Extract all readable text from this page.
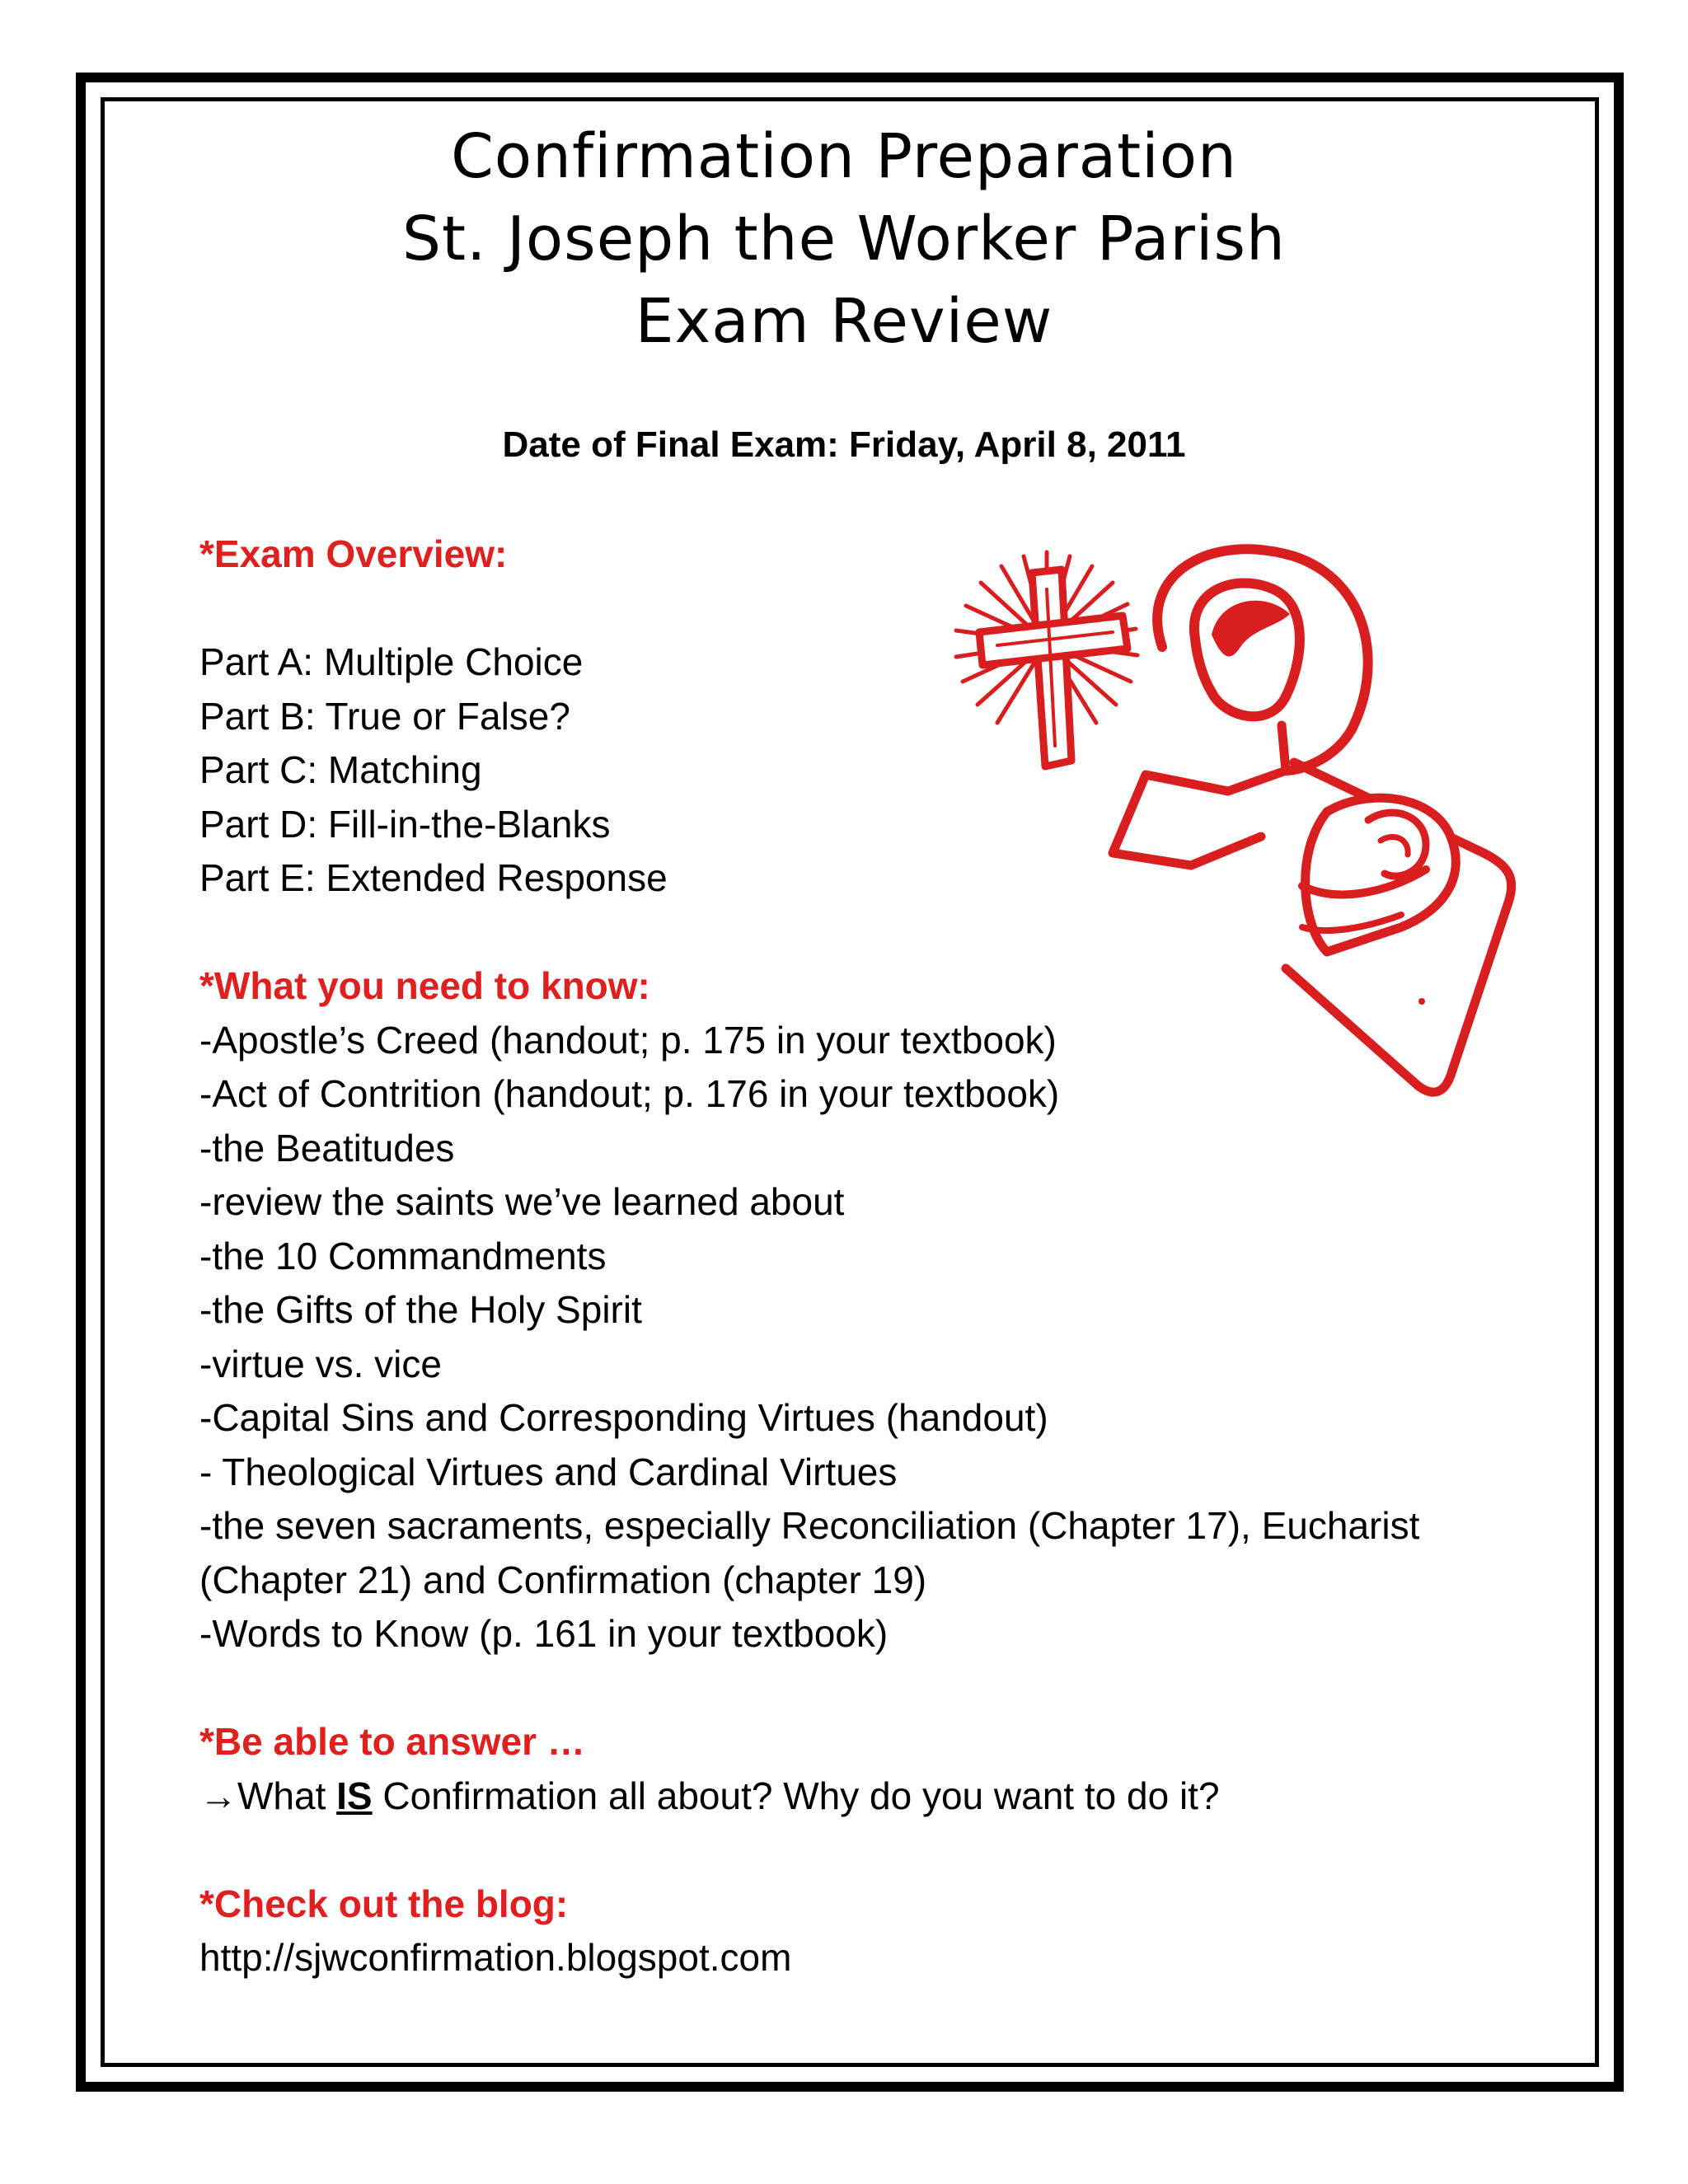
Confirmation Preparation
St. Joseph the Worker Parish
Exam Review
Date of Final Exam: Friday, April 8, 2011
*Exam Overview:
Part A: Multiple Choice
Part B: True or False?
Part C: Matching
Part D: Fill-in-the-Blanks
Part E: Extended Response
*What you need to know:
-Apostle’s Creed (handout; p. 175 in your textbook)
-Act of Contrition (handout; p. 176 in your textbook)
-the Beatitudes
-review the saints we’ve learned about
-the 10 Commandments
-the Gifts of the Holy Spirit
-virtue vs. vice
-Capital Sins and Corresponding Virtues (handout)
- Theological Virtues and Cardinal Virtues
-the seven sacraments, especially Reconciliation (Chapter 17), Eucharist (Chapter 21) and Confirmation (chapter 19)
-Words to Know (p. 161 in your textbook)
*Be able to answer …
→What IS Confirmation all about? Why do you want to do it?
*Check out the blog:
http://sjwconfirmation.blogspot.com
